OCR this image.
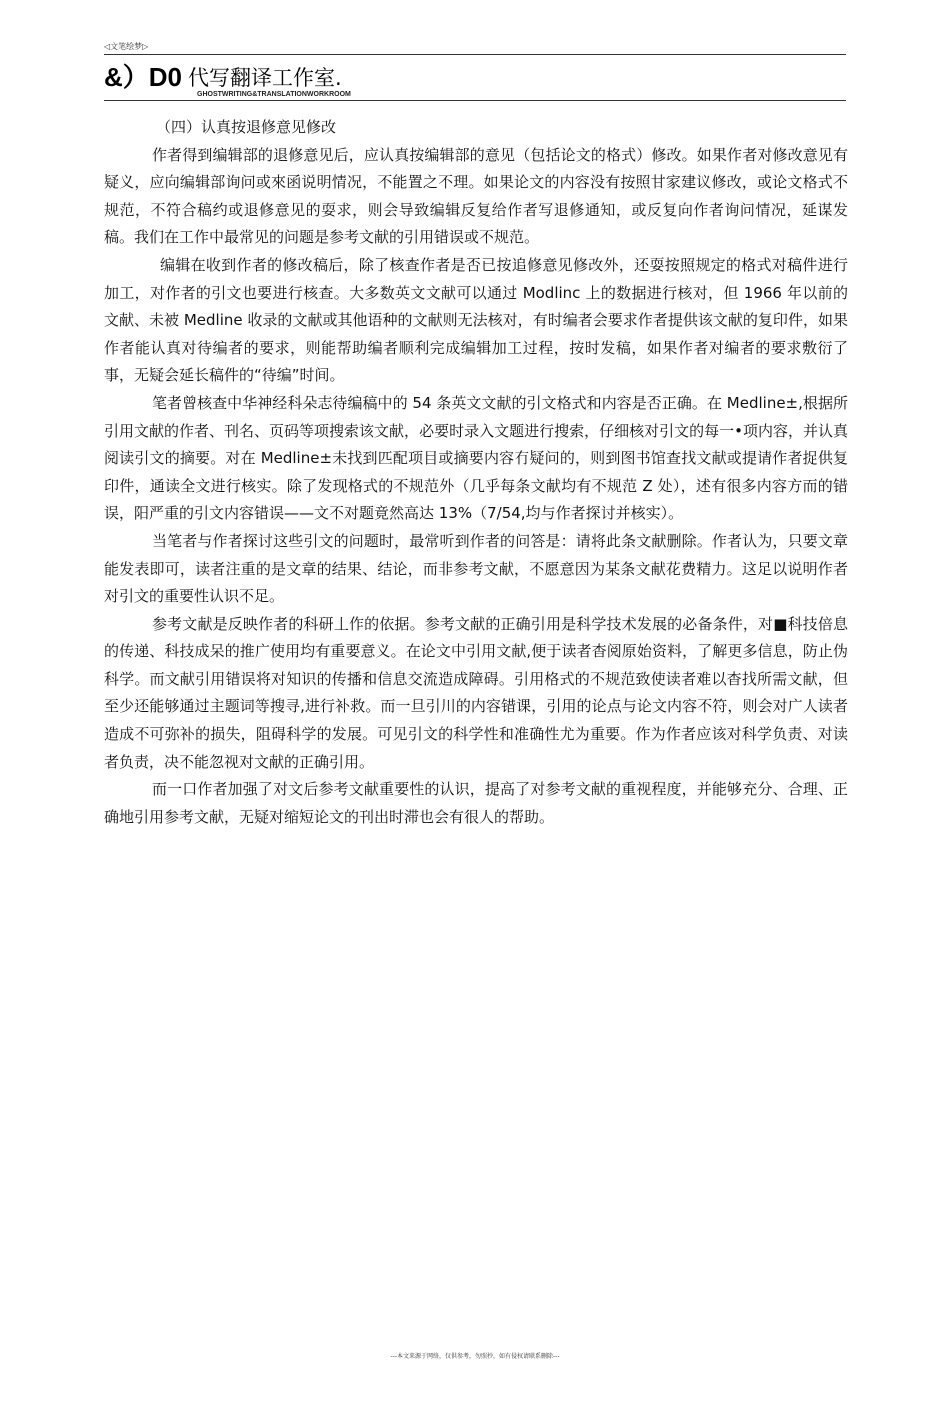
◁文笔绘梦▷
&）D0 代写翻译工作室.
GHOSTWRITING&TRANSLATIONWORKROOM
（四）认真按退修意见修改

作者得到编辑部的退修意见后，应认真按编辑部的意见（包括论文的格式）修改。如果作者对修改意见有疑义，应向编辑部询问或來函说明情况，不能置之不理。如果论文的内容没有按照甘家建议修改，或论文格式不规范，不符合稿约或退修意见的耍求，则会导致编辑反复给作者写退修通知，或反复向作者询问情况，延谋发稿。我们在工作中最常见的问题是参考文献的引用错误或不规范。

编辑在收到作者的修改稿后，除了核查作者是否已按追修意见修改外，还耍按照规定的格式对稿件进行加工，对作者的引文也要进行核查。大多数英文文献可以通过 Modlinc 上的数据进行核对，但 1966 年以前的文献、未被 Medline 收录的文献或其他语种的文献则无法核对，有时编者会要求作者提供该文献的复印件，如果作者能认真对待编者的要求，则能帮助编者顺利完成编辑加工过程，按时发稿，如果作者对编者的要求敷衍了事，无疑会延长稿件的“待编”时间。

笔者曾核查中华神经科朵志待编稿中的 54 条英文文献的引文格式和内容是否正确。在 Medline±,根据所引用文献的作者、刊名、页码等项搜索该文献，必要时录入文题进行搜索，仔细核对引文的每一•项内容，并认真阅读引文的摘要。对在 Medline±未找到匹配项目或摘要内容冇疑问的，则到图书馆查找文献或提请作者捉供复印件，通读全文进行核实。除了发现格式的不规范外（几乎每条文献均有不规范 Z 处），述有很多内容方而的错误，阳严重的引文内容错误——文不对题竟然高达 13%（7/54,均与作者探讨并核实）。

当笔者与作者探讨这些引文的问题时，最常听到作者的问答是：请将此条文献删除。作者认为，只要文章能发表即可，读者注重的是文章的结果、结论，而非参考文献，不愿意因为某条文献花费精力。这足以说明作者对引文的重要性认识不足。

参考文献是反映作者的科研丄作的依据。参考文献的正确引用是科学技术发展的必备条件，对■科技倍息的传递、科技成呆的推广使用均有重要意义。在论文中引用文献,便于读者杳阅原始资料，了解更多信息，防止伪科学。而文献引用错误将对知识的传播和信息交流造成障碍。引用格式的不规范致使读者难以杳找所需文献，但至少还能够通过主题词等搜寻,进行补救。而一旦引川的内容错课，引用的论点与论文内容不符，则会对广人读者造成不可弥补的损失，阻碍科学的发展。可见引文的科学性和准确性尤为重要。作为作者应该对科学负责、对读者负责，决不能忽视对文献的正确引用。

而一口作者加强了对文后参考文献重要性的认识，提高了对参考文献的重视程度，并能够充分、合理、正确地引用参考文献，无疑对缩短论文的刊出时滞也会有很人的帮助。

---本文来源于网络，仅供参考，勿照抄，如有侵权请联系删除---
